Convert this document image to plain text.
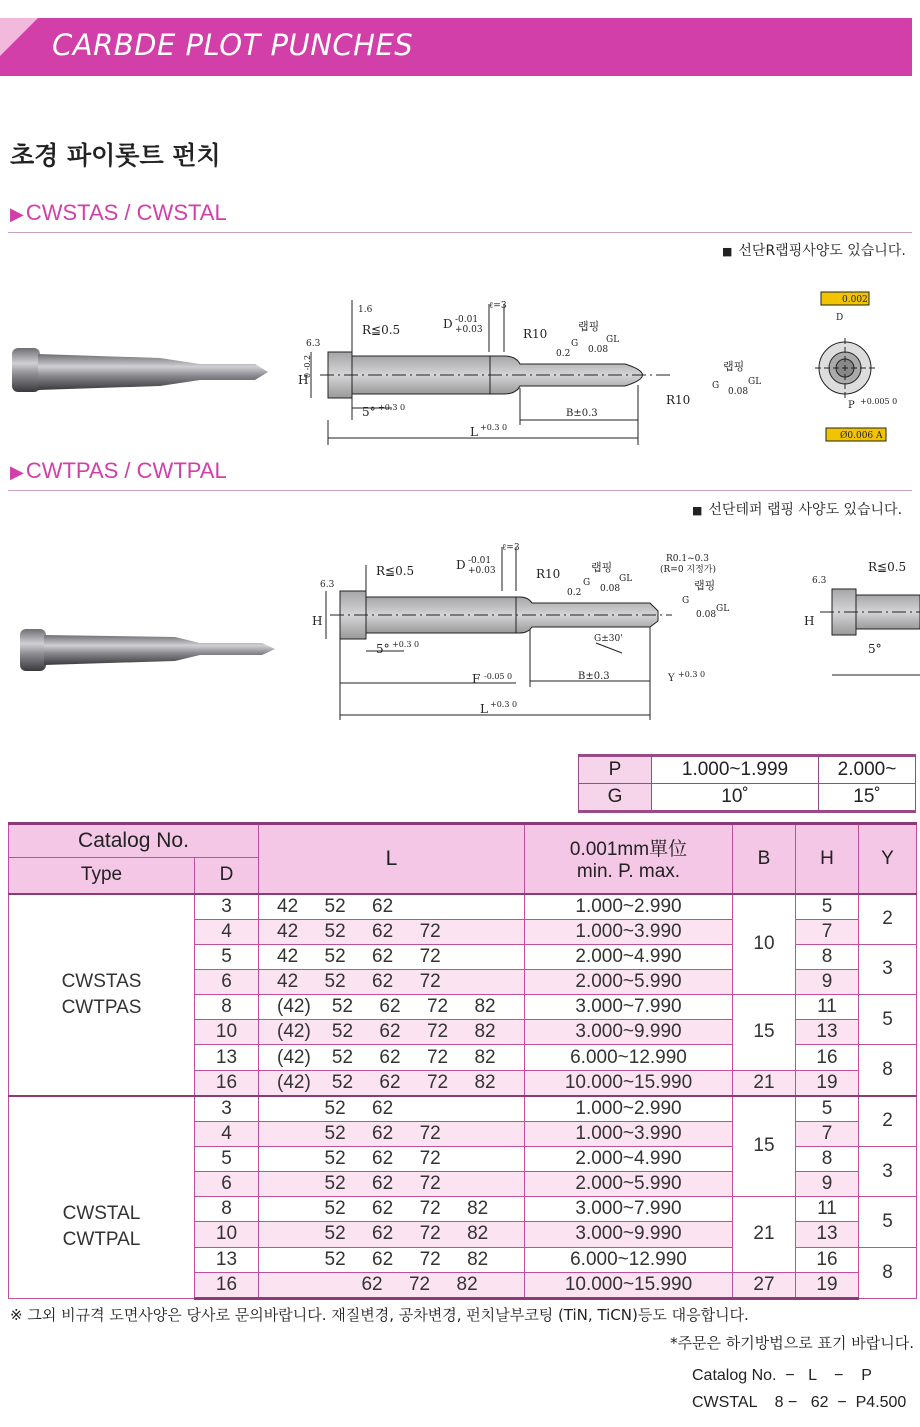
CARBDE PLOT PUNCHES
초경 파이롯트 펀치
▶CWSTAS / CWSTAL
■ 선단R랩핑사양도 있습니다.
R≦0.5
1.6
D -0.01
+0.03
ℓ=3
R10
랩핑
G	GL
0.08
0.2
랩핑
G	GL
0.08
R10
6.3
H
0 -0.2
5° +0.3 0
B±0.3
L +0.3 0
0.002
Ø0.006 A
P +0.005 0
D
▶CWTPAS / CWTPAL
■ 선단테퍼 랩핑 사양도 있습니다.
R≦0.5	D -0.01
+0.03
ℓ=3
R10	랩핑
G	GL
0.08
0.2
R0.1~0.3
(R=0 지정가)
랩핑
G
GL
0.08
G±30'
6.3
H
5° +0.3 0
F -0.05 0	B±0.3	Y +0.3 0
L +0.3 0
R≦0.5
6.3
H
5°
P	1.000~1.999	2.000~
G	10˚	15˚
Catalog No.		L	0.001mm單位
min. P. max.	B	H	Y
Type	D					

CWSTAS
CWTPAS	3	42     52     62	1.000~2.990	10	5	2
	4	42     52     62     72	1.000~3.990		7	
	5	42     52     62     72	2.000~4.990		8	3
	6	42     52     62     72	2.000~5.990		9	
	8	(42)    52     62     72     82	3.000~7.990	15	11	5
	10	(42)    52     62     72     82	3.000~9.990		13	
	13	(42)    52     62     72     82	6.000~12.990		16	8
	16	(42)    52     62     72     82	10.000~15.990	21	19	

CWSTAL
CWTPAL	3	52     62	1.000~2.990	15	5	2
	4	52     62     72	1.000~3.990		7	
	5	52     62     72	2.000~4.990		8	3
	6	52     62     72	2.000~5.990		9	
	8	52     62     72     82	3.000~7.990	21	11	5
	10	52     62     72     82	3.000~9.990		13	
	13	52     62     72     82	6.000~12.990		16	8
	16	62     72     82	10.000~15.990	27	19	
※ 그외 비규격 도면사양은 당사로 문의바랍니다. 재질변경, 공차변경, 펀치날부코팅 (TiN, TiCN)등도 대응합니다.
*주문은 하기방법으로 표기 바랍니다.
Catalog No.  −   L    −    P
CWSTAL    8 −   62  −  P4.500
